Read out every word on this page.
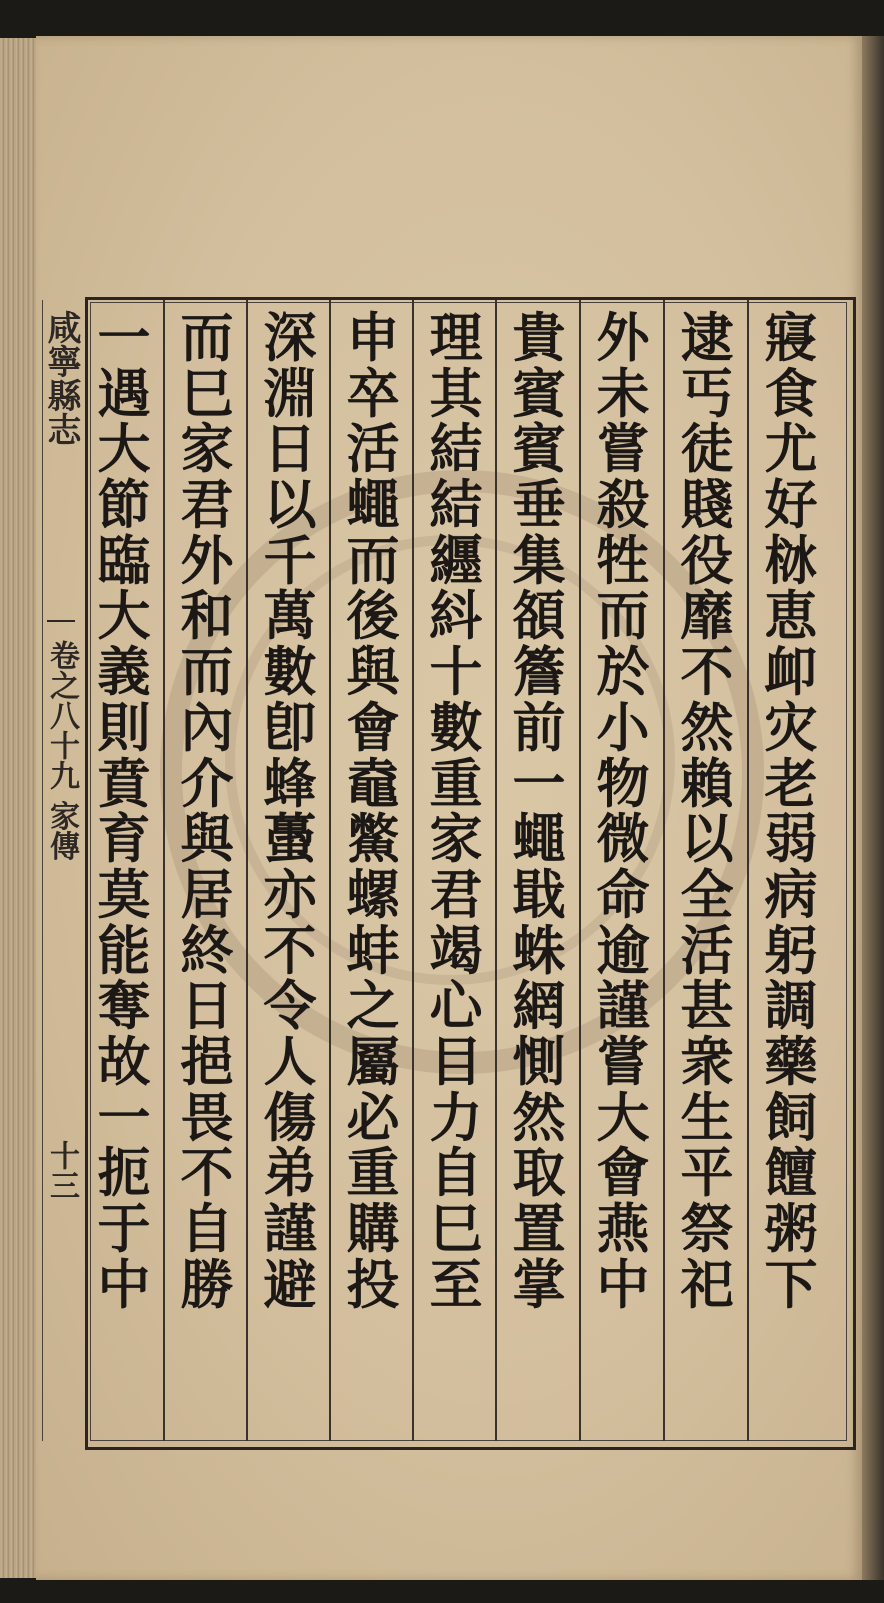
咸寧縣志
卷之八十九 家傳
十三
寢
食
尤
好
栤
恵
卹
灾
老
弱
病
躬
調
藥
飼
饘
粥
下
逮
丐
徒
賤
役
靡
不
然
賴
以
全
活
甚
衆
生
平
祭
祀
外
未
嘗
殺
牲
而
於
小
物
微
命
逾
謹
嘗
大
會
燕
中
貴
賓
賓
垂
集
頟
簷
前
一
蠅
戢
蛛
網
惻
然
取
置
掌
理
其
結
結
纒
紏
十
數
重
家
君
竭
心
目
力
自
巳
至
申
卒
活
蠅
而
後
與
會
鼀
鱉
螺
蚌
之
屬
必
重
購
投
深
淵
日
以
千
萬
數
卽
蜂
蠆
亦
不
令
人
傷
弟
謹
避
而
巳
家
君
外
和
而
內
介
與
居
終
日
挹
畏
不
自
勝
一
遇
大
節
臨
大
義
則
賁
育
莫
能
奪
故
一
扼
于
中
